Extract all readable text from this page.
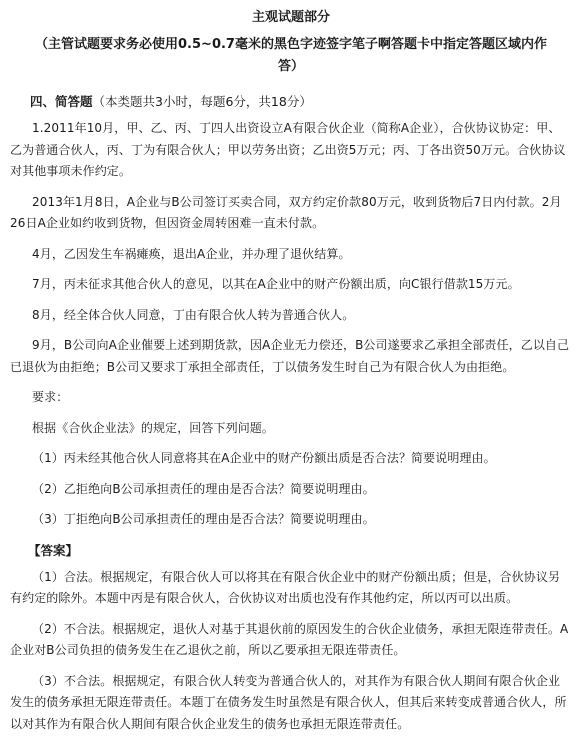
主观试题部分
（主管试题要求务必使用0.5~0.7毫米的黑色字迹签字笔子啊答题卡中指定答题区域内作答）
四、简答题（本类题共3小时，每题6分，共18分）

1.2011年10月，甲、乙、丙、丁四人出资设立A有限合伙企业（简称A企业），合伙协议协定：甲、乙为普通合伙人，丙、丁为有限合伙人；甲以劳务出资；乙出资5万元；丙、丁各出资50万元。合伙协议对其他事项未作约定。

2013年1月8日，A企业与B公司签订买卖合同，双方约定价款80万元，收到货物后7日内付款。2月26日A企业如约收到货物，但因资金周转困难一直未付款。

4月，乙因发生车祸瘫痪，退出A企业，并办理了退伙结算。

7月，丙未征求其他合伙人的意见，以其在A企业中的财产份额出质，向C银行借款15万元。

8月，经全体合伙人同意，丁由有限合伙人转为普通合伙人。

9月，B公司向A企业催要上述到期货款，因A企业无力偿还，B公司遂要求乙承担全部责任，乙以自己已退伙为由拒绝；B公司又要求丁承担全部责任，丁以债务发生时自己为有限合伙人为由拒绝。

要求：

根据《合伙企业法》的规定，回答下列问题。

（1）丙未经其他合伙人同意将其在A企业中的财产份额出质是否合法？简要说明理由。

（2）乙拒绝向B公司承担责任的理由是否合法？简要说明理由。

（3）丁拒绝向B公司承担责任的理由是否合法？简要说明理由。

【答案】

（1）合法。根据规定，有限合伙人可以将其在有限合伙企业中的财产份额出质；但是，合伙协议另有约定的除外。本题中丙是有限合伙人，合伙协议对出质也没有作其他约定，所以丙可以出质。

（2）不合法。根据规定，退伙人对基于其退伙前的原因发生的合伙企业债务，承担无限连带责任。A企业对B公司负担的债务发生在乙退伙之前，所以乙要承担无限连带责任。

（3）不合法。根据规定，有限合伙人转变为普通合伙人的，对其作为有限合伙人期间有限合伙企业发生的债务承担无限连带责任。本题丁在债务发生时虽然是有限合伙人，但其后来转变成普通合伙人，所以对其作为有限合伙人期间有限合伙企业发生的债务也承担无限连带责任。
